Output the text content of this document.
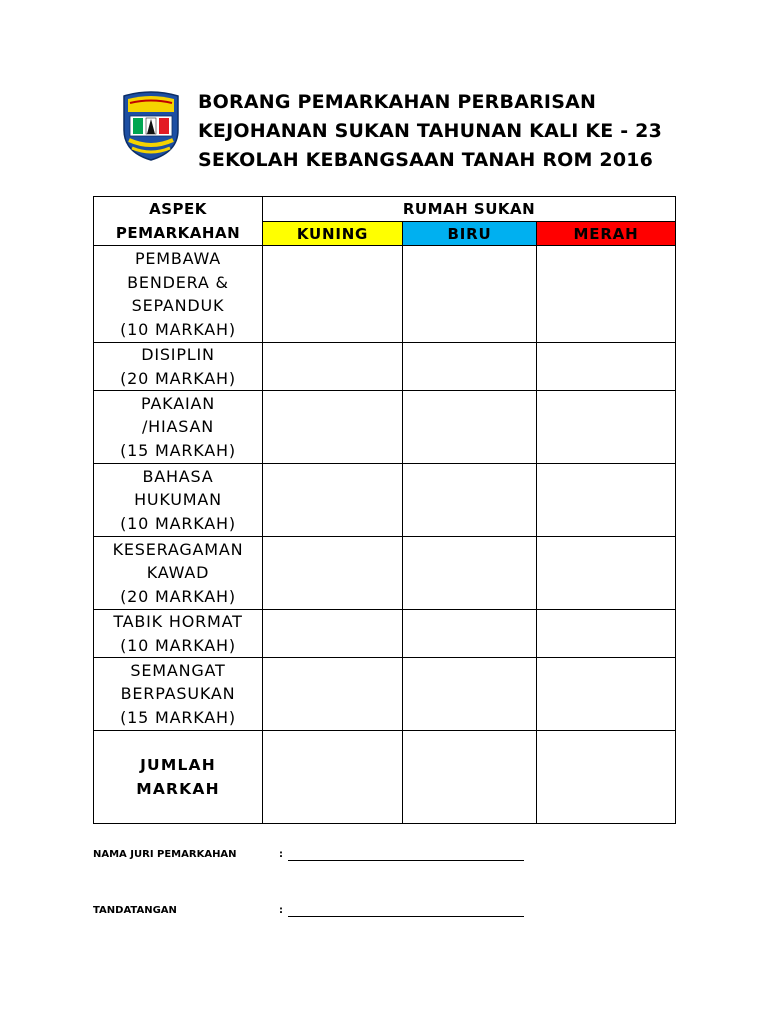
BORANG PEMARKAHAN PERBARISAN
KEJOHANAN SUKAN TAHUNAN KALI KE - 23
SEKOLAH KEBANGSAAN TANAH ROM 2016
ASPEK
PEMARKAHAN	RUMAH SUKAN		
	KUNING	BIRU	MERAH

PEMBAWA
BENDERA &
SEPANDUK
(10 MARKAH)			

DISIPLIN
(20 MARKAH)			

PAKAIAN
/HIASAN
(15 MARKAH)			

BAHASA
HUKUMAN
(10 MARKAH)			

KESERAGAMAN
KAWAD
(20 MARKAH)			

TABIK HORMAT
(10 MARKAH)			

SEMANGAT
BERPASUKAN
(15 MARKAH)			

JUMLAH
MARKAH			

NAMA JURI PEMARKAHAN	:
TANDATANGAN	:
